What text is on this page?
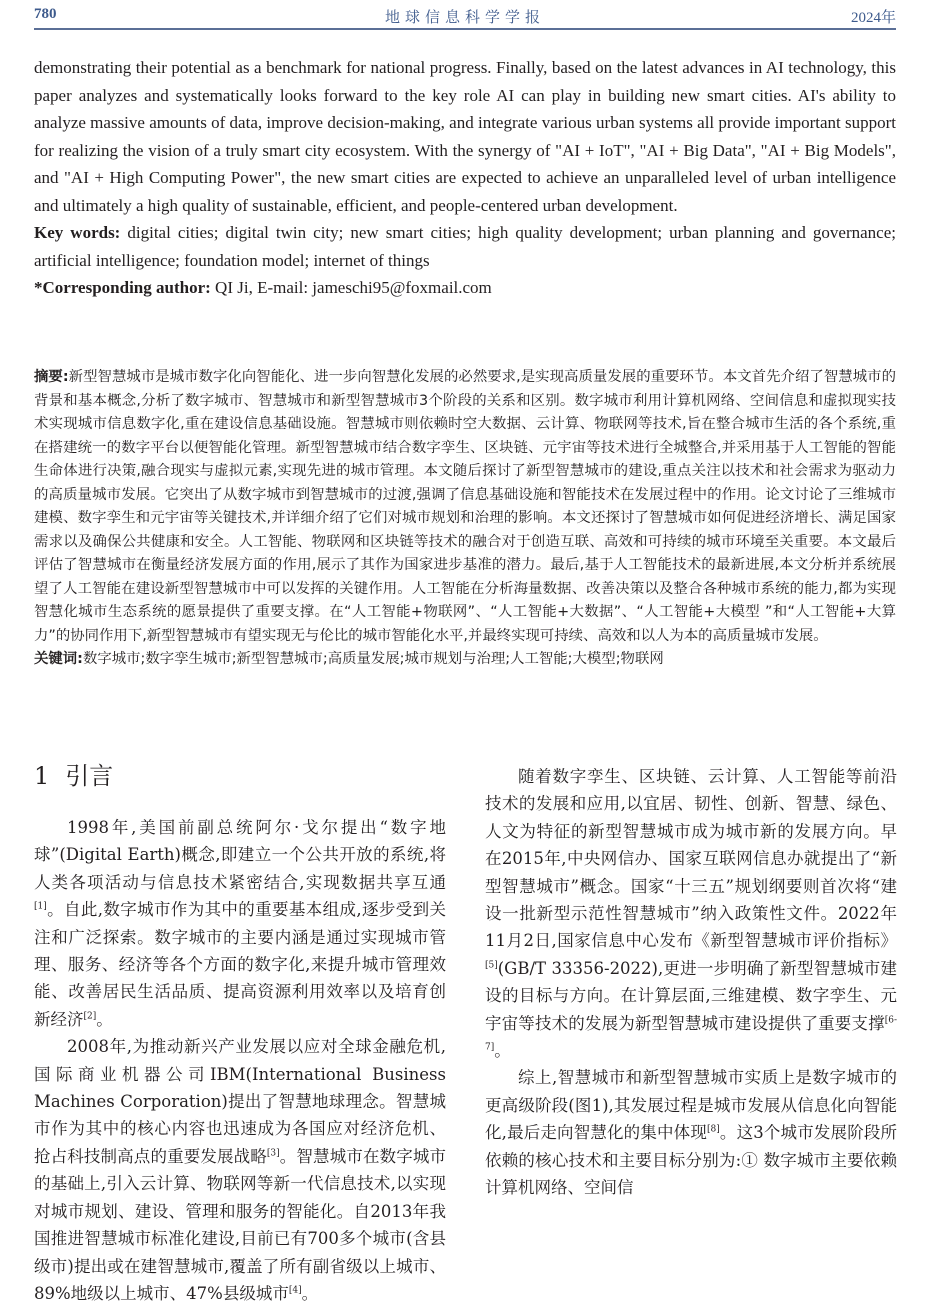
780	地球信息科学学报	2024年

demonstrating their potential as a benchmark for national progress. Finally, based on the latest advances in AI technology, this paper analyzes and systematically looks forward to the key role AI can play in building new smart cities. AI's ability to analyze massive amounts of data, improve decision-making, and integrate various urban systems all provide important support for realizing the vision of a truly smart city ecosystem. With the synergy of "AI + IoT", "AI + Big Data", "AI + Big Models", and "AI + High Computing Power", the new smart cities are expected to achieve an unparalleled level of urban intelligence and ultimately a high quality of sustainable, efficient, and people-centered urban development.

Key words: digital cities; digital twin city; new smart cities; high quality development; urban planning and governance; artificial intelligence; foundation model; internet of things

*Corresponding author: QI Ji, E-mail: jameschi95@foxmail.com

摘要:新型智慧城市是城市数字化向智能化、进一步向智慧化发展的必然要求,是实现高质量发展的重要环节。本文首先介绍了智慧城市的背景和基本概念,分析了数字城市、智慧城市和新型智慧城市3个阶段的关系和区别。数字城市利用计算机网络、空间信息和虚拟现实技术实现城市信息数字化,重在建设信息基础设施。智慧城市则依赖时空大数据、云计算、物联网等技术,旨在整合城市生活的各个系统,重在搭建统一的数字平台以便智能化管理。新型智慧城市结合数字孪生、区块链、元宇宙等技术进行全城整合,并采用基于人工智能的智能生命体进行决策,融合现实与虚拟元素,实现先进的城市管理。本文随后探讨了新型智慧城市的建设,重点关注以技术和社会需求为驱动力的高质量城市发展。它突出了从数字城市到智慧城市的过渡,强调了信息基础设施和智能技术在发展过程中的作用。论文讨论了三维城市建模、数字孪生和元宇宙等关键技术,并详细介绍了它们对城市规划和治理的影响。本文还探讨了智慧城市如何促进经济增长、满足国家需求以及确保公共健康和安全。人工智能、物联网和区块链等技术的融合对于创造互联、高效和可持续的城市环境至关重要。本文最后评估了智慧城市在衡量经济发展方面的作用,展示了其作为国家进步基准的潜力。最后,基于人工智能技术的最新进展,本文分析并系统展望了人工智能在建设新型智慧城市中可以发挥的关键作用。人工智能在分析海量数据、改善决策以及整合各种城市系统的能力,都为实现智慧化城市生态系统的愿景提供了重要支撑。在“人工智能+物联网”、“人工智能+大数据”、“人工智能+大模型 ”和“人工智能+大算力”的协同作用下,新型智慧城市有望实现无与伦比的城市智能化水平,并最终实现可持续、高效和以人为本的高质量城市发展。

关键词:数字城市;数字孪生城市;新型智慧城市;高质量发展;城市规划与治理;人工智能;大模型;物联网

1 引言

1998年,美国前副总统阿尔·戈尔提出“数字地球”(Digital Earth)概念,即建立一个公共开放的系统,将人类各项活动与信息技术紧密结合,实现数据共享互通[1]。自此,数字城市作为其中的重要基本组成,逐步受到关注和广泛探索。数字城市的主要内涵是通过实现城市管理、服务、经济等各个方面的数字化,来提升城市管理效能、改善居民生活品质、提高资源利用效率以及培育创新经济[2]。

2008年,为推动新兴产业发展以应对全球金融危机,国际商业机器公司IBM(International Business Machines Corporation)提出了智慧地球理念。智慧城市作为其中的核心内容也迅速成为各国应对经济危机、抢占科技制高点的重要发展战略[3]。智慧城市在数字城市的基础上,引入云计算、物联网等新一代信息技术,以实现对城市规划、建设、管理和服务的智能化。自2013年我国推进智慧城市标准化建设,目前已有700多个城市(含县级市)提出或在建智慧城市,覆盖了所有副省级以上城市、89%地级以上城市、47%县级城市[4]。

随着数字孪生、区块链、云计算、人工智能等前沿技术的发展和应用,以宜居、韧性、创新、智慧、绿色、人文为特征的新型智慧城市成为城市新的发展方向。早在2015年,中央网信办、国家互联网信息办就提出了“新型智慧城市”概念。国家“十三五”规划纲要则首次将“建设一批新型示范性智慧城市”纳入政策性文件。2022年11月2日,国家信息中心发布《新型智慧城市评价指标》[5](GB/T 33356-2022),更进一步明确了新型智慧城市建设的目标与方向。在计算层面,三维建模、数字孪生、元宇宙等技术的发展为新型智慧城市建设提供了重要支撑[6-7]。

综上,智慧城市和新型智慧城市实质上是数字城市的更高级阶段(图1),其发展过程是城市发展从信息化向智能化,最后走向智慧化的集中体现[8]。这3个城市发展阶段所依赖的核心技术和主要目标分别为:① 数字城市主要依赖计算机网络、空间信
